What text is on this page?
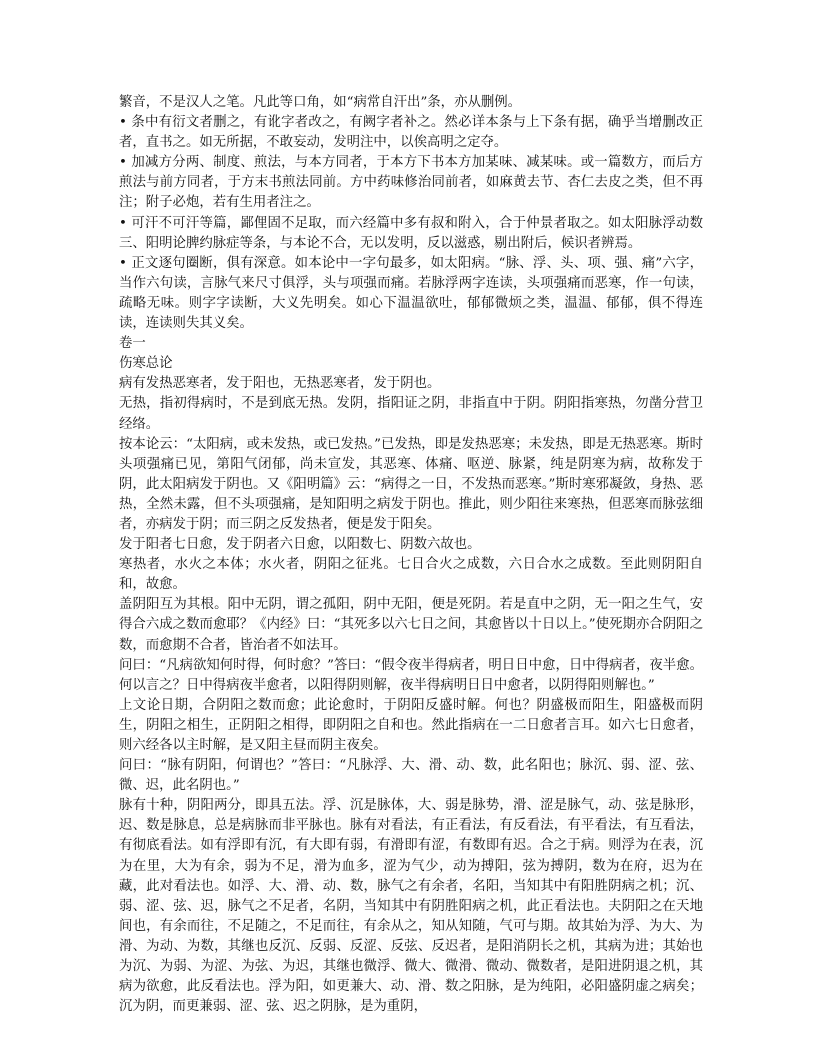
繁音，不是汉人之笔。凡此等口角，如“病常自汗出”条，亦从删例。

• 条中有衍文者删之，有讹字者改之，有阙字者补之。然必详本条与上下条有据，确乎当增删改正者，直书之。如无所据，不敢妄动，发明注中，以俟高明之定夺。

• 加减方分两、制度、煎法，与本方同者，于本方下书本方加某味、减某味。或一篇数方，而后方煎法与前方同者，于方末书煎法同前。方中药味修治同前者，如麻黄去节、杏仁去皮之类，但不再注；附子必炮，若有生用者注之。

• 可汗不可汗等篇，鄙俚固不足取，而六经篇中多有叔和附入，合于仲景者取之。如太阳脉浮动数三、阳明论脾约脉症等条，与本论不合，无以发明，反以滋惑，剔出附后，候识者辨焉。

• 正文逐句圈断，俱有深意。如本论中一字句最多，如太阳病。“脉、浮、头、项、强、痛”六字，当作六句读，言脉气来尺寸俱浮，头与项强而痛。若脉浮两字连读，头项强痛而恶寒，作一句读，疏略无味。则字字读断，大义先明矣。如心下温温欲吐，郁郁微烦之类，温温、郁郁，俱不得连读，连读则失其义矣。

卷一

伤寒总论

病有发热恶寒者，发于阳也，无热恶寒者，发于阴也。

无热，指初得病时，不是到底无热。发阴，指阳证之阴，非指直中于阴。阴阳指寒热，勿凿分营卫经络。

按本论云：“太阳病，或未发热，或已发热。”已发热，即是发热恶寒；未发热，即是无热恶寒。斯时头项强痛已见，第阳气闭郁，尚未宣发，其恶寒、体痛、呕逆、脉紧，纯是阴寒为病，故称发于阴，此太阳病发于阴也。又《阳明篇》云：“病得之一日，不发热而恶寒。”斯时寒邪凝敛，身热、恶热，全然未露，但不头项强痛，是知阳明之病发于阴也。推此，则少阳往来寒热，但恶寒而脉弦细者，亦病发于阴；而三阴之反发热者，便是发于阳矣。

发于阳者七日愈，发于阴者六日愈，以阳数七、阴数六故也。

寒热者，水火之本体；水火者，阴阳之征兆。七日合火之成数，六日合水之成数。至此则阴阳自和，故愈。

盖阴阳互为其根。阳中无阴，谓之孤阳，阴中无阳，便是死阴。若是直中之阴，无一阳之生气，安得合六成之数而愈耶？《内经》曰：“其死多以六七日之间，其愈皆以十日以上。”使死期亦合阴阳之数，而愈期不合者，皆治者不如法耳。

问曰：“凡病欲知何时得，何时愈？”答曰：“假令夜半得病者，明日日中愈，日中得病者，夜半愈。何以言之？日中得病夜半愈者，以阳得阴则解，夜半得病明日日中愈者，以阴得阳则解也。”

上文论日期，合阴阳之数而愈；此论愈时，于阴阳反盛时解。何也？阴盛极而阳生，阳盛极而阴生，阴阳之相生，正阴阳之相得，即阴阳之自和也。然此指病在一二日愈者言耳。如六七日愈者，则六经各以主时解，是又阳主昼而阴主夜矣。

问曰：“脉有阴阳，何谓也？”答曰：“凡脉浮、大、滑、动、数，此名阳也；脉沉、弱、涩、弦、微、迟，此名阴也。”

脉有十种，阴阳两分，即具五法。浮、沉是脉体，大、弱是脉势，滑、涩是脉气，动、弦是脉形，迟、数是脉息，总是病脉而非平脉也。脉有对看法，有正看法，有反看法，有平看法，有互看法，有彻底看法。如有浮即有沉，有大即有弱，有滑即有涩，有数即有迟。合之于病。则浮为在表，沉为在里，大为有余，弱为不足，滑为血多，涩为气少，动为搏阳，弦为搏阴，数为在府，迟为在藏，此对看法也。如浮、大、滑、动、数，脉气之有余者，名阳，当知其中有阳胜阴病之机；沉、弱、涩、弦、迟，脉气之不足者，名阴，当知其中有阴胜阳病之机，此正看法也。夫阴阳之在天地间也，有余而往，不足随之，不足而往，有余从之，知从知随，气可与期。故其始为浮、为大、为滑、为动、为数，其继也反沉、反弱、反涩、反弦、反迟者，是阳消阴长之机，其病为进；其始也为沉、为弱、为涩、为弦、为迟，其继也微浮、微大、微滑、微动、微数者，是阳进阴退之机，其病为欲愈，此反看法也。浮为阳，如更兼大、动、滑、数之阳脉，是为纯阳，必阳盛阴虚之病矣；沉为阴，而更兼弱、涩、弦、迟之阴脉，是为重阴，
